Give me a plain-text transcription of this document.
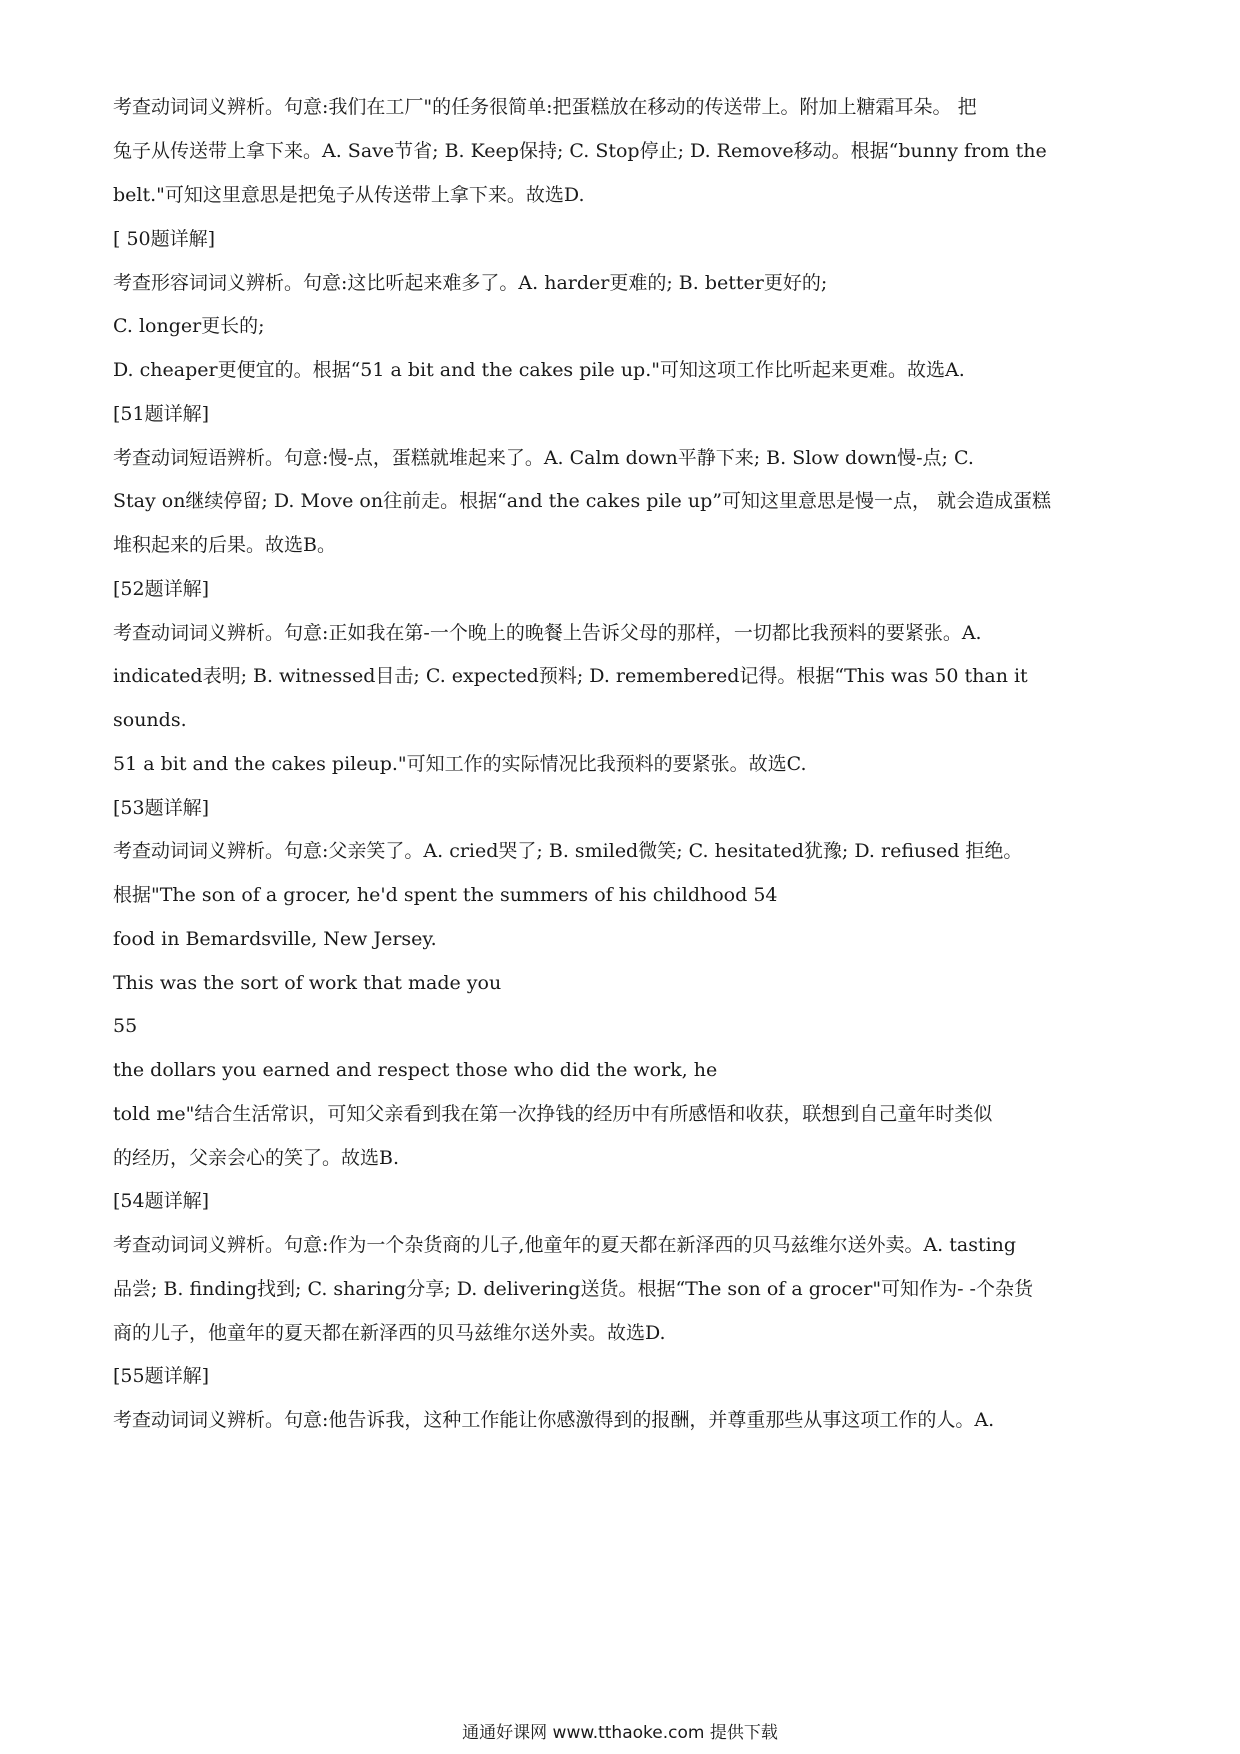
考查动词词义辨析。句意:我们在工厂"的任务很简单:把蛋糕放在移动的传送带上。附加上糖霜耳朵。 把
兔子从传送带上拿下来。A. Save节省; B. Keep保持; C. Stop停止; D. Remove移动。根据“bunny from the
belt."可知这里意思是把兔子从传送带上拿下来。故选D.
[ 50题详解]
考查形容词词义辨析。句意:这比听起来难多了。A. harder更难的; B. better更好的;
C. longer更长的;
D. cheaper更便宜的。根据“51 a bit and the cakes pile up."可知这项工作比听起来更难。故选A.
[51题详解]
考查动词短语辨析。句意:慢-点，蛋糕就堆起来了。A. Calm down平静下来; B. Slow down慢-点; C.
Stay on继续停留; D. Move on往前走。根据“and the cakes pile up”可知这里意思是慢一点， 就会造成蛋糕
堆积起来的后果。故选B。
[52题详解]
考查动词词义辨析。句意:正如我在第-一个晚上的晚餐上告诉父母的那样，一切都比我预料的要紧张。A.
indicated表明; B. witnessed目击; C. expected预料; D. remembered记得。根据“This was 50 than it
sounds.
51 a bit and the cakes pileup."可知工作的实际情况比我预料的要紧张。故选C.
[53题详解]
考查动词词义辨析。句意:父亲笑了。A. cried哭了; B. smiled微笑; C. hesitated犹豫; D. refiused 拒绝。
根据"The son of a grocer, he'd spent the summers of his childhood 54
food in Bemardsville, New Jersey.
This was the sort of work that made you
55
the dollars you earned and respect those who did the work, he
told me"结合生活常识，可知父亲看到我在第一次挣钱的经历中有所感悟和收获，联想到自己童年时类似
的经历，父亲会心的笑了。故选B.
[54题详解]
考查动词词义辨析。句意:作为一个杂货商的儿子,他童年的夏天都在新泽西的贝马兹维尔送外卖。A. tasting
品尝; B. finding找到; C. sharing分享; D. delivering送货。根据“The son of a grocer"可知作为- -个杂货
商的儿子，他童年的夏天都在新泽西的贝马兹维尔送外卖。故选D.
[55题详解]
考查动词词义辨析。句意:他告诉我，这种工作能让你感激得到的报酬，并尊重那些从事这项工作的人。A.
通通好课网 www.tthaoke.com 提供下载
